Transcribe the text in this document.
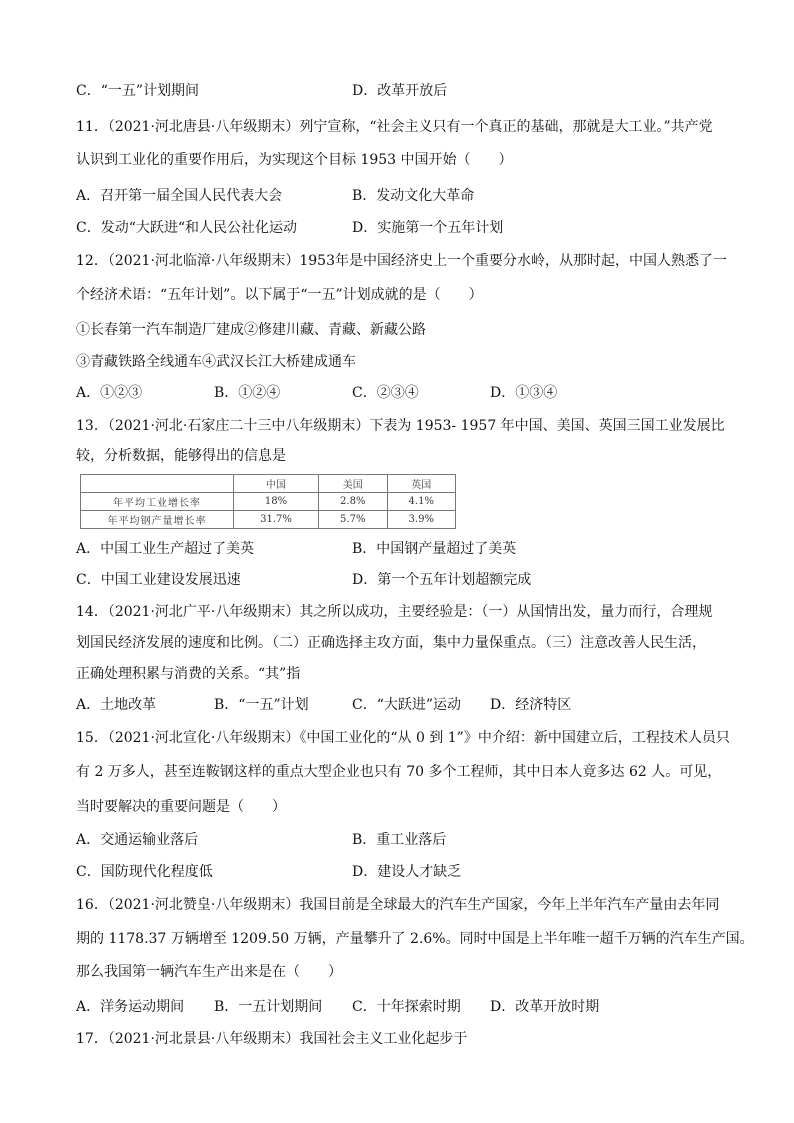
C．“一五”计划期间	D．改革开放后
11．（2021·河北唐县·八年级期末）列宁宣称，“社会主义只有一个真正的基础，那就是大工业。”共产党
认识到工业化的重要作用后，为实现这个目标 1953 中国开始（　　）
A．召开第一届全国人民代表大会	B．发动文化大革命
C．发动“大跃进“和人民公社化运动	D．实施第一个五年计划
12．（2021·河北临漳·八年级期末）1953年是中国经济史上一个重要分水岭，从那时起，中国人熟悉了一
个经济术语：“五年计划”。以下属于“一五”计划成就的是（　　）
①长春第一汽车制造厂建成②修建川藏、青藏、新藏公路
③青藏铁路全线通车④武汉长江大桥建成通车
A．①②③	B．①②④	C．②③④	D．①③④
13．（2021·河北·石家庄二十三中八年级期末）下表为 1953- 1957 年中国、美国、英国三国工业发展比
较，分析数据，能够得出的信息是
	中国	美国	英国
年平均工业增长率	18%	2.8%	4.1%
年平均钢产量增长率	31.7%	5.7%	3.9%
A．中国工业生产超过了美英	B．中国钢产量超过了美英
C．中国工业建设发展迅速	D．第一个五年计划超额完成
14．（2021·河北广平·八年级期末）其之所以成功，主要经验是：（一）从国情出发，量力而行，合理规
划国民经济发展的速度和比例。（二）正确选择主攻方面，集中力量保重点。（三）注意改善人民生活，
正确处理积累与消费的关系。“其”指
A．土地改革	B．“一五”计划	C．“大跃进”运动 D．经济特区
15．（2021·河北宣化·八年级期末）《中国工业化的“从 0 到 1”》中介绍：新中国建立后，工程技术人员只
有 2 万多人，甚至连鞍钢这样的重点大型企业也只有 70 多个工程师，其中日本人竟多达 62 人。可见，
当时要解决的重要问题是（　　）
A．交通运输业落后	B．重工业落后
C．国防现代化程度低	D．建设人才缺乏
16．（2021·河北赞皇·八年级期末）我国目前是全球最大的汽车生产国家，今年上半年汽车产量由去年同
期的 1178.37 万辆增至 1209.50 万辆，产量攀升了 2.6%。同时中国是上半年唯一超千万辆的汽车生产国。
那么我国第一辆汽车生产出来是在（　　）
A．洋务运动期间 B．一五计划期间 C．十年探索时期 D．改革开放时期
17．（2021·河北景县·八年级期末）我国社会主义工业化起步于
